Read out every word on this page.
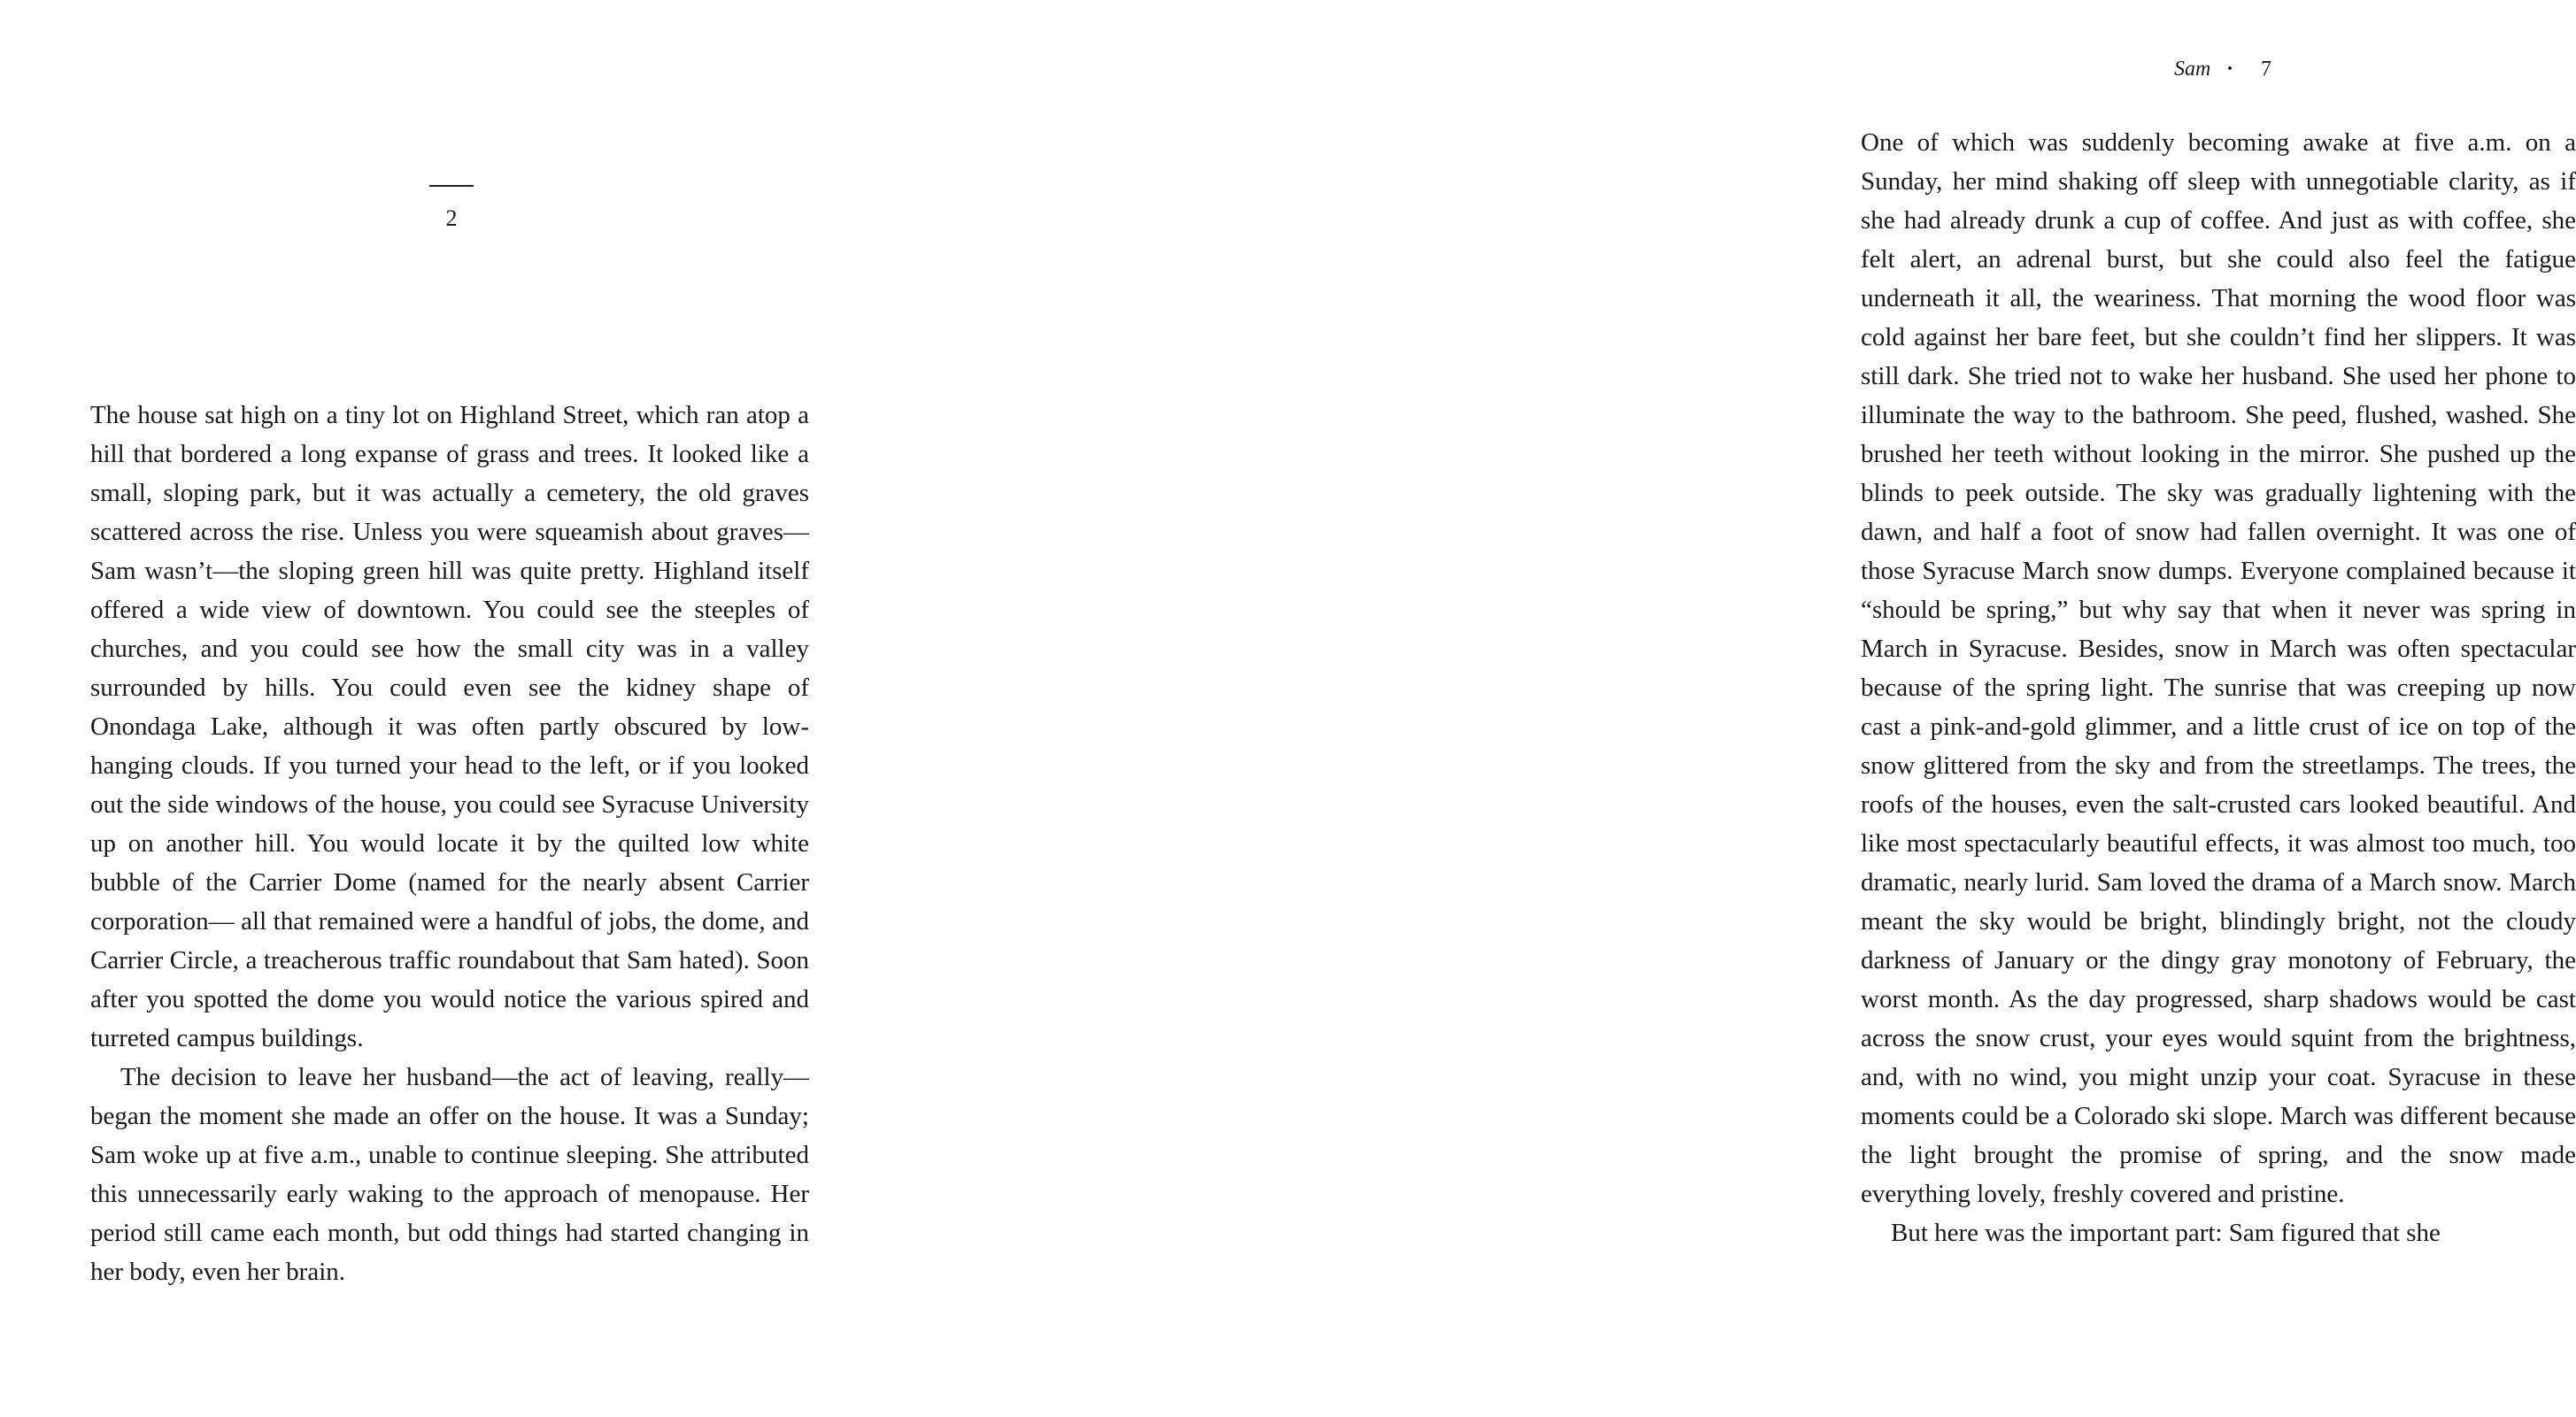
2

The house sat high on a tiny lot on Highland Street, which ran atop a hill that bordered a long expanse of grass and trees. It looked like a small, sloping park, but it was actually a cemetery, the old graves scattered across the rise. Unless you were squeamish about graves—Sam wasn’t—the sloping green hill was quite pretty. Highland itself offered a wide view of downtown. You could see the steeples of churches, and you could see how the small city was in a valley surrounded by hills. You could even see the kidney shape of Onondaga Lake, although it was often partly obscured by low-hanging clouds. If you turned your head to the left, or if you looked out the side windows of the house, you could see Syracuse University up on another hill. You would locate it by the quilted low white bubble of the Carrier Dome (named for the nearly absent Carrier corporation— all that remained were a handful of jobs, the dome, and Carrier Circle, a treacherous traffic roundabout that Sam hated). Soon after you spotted the dome you would notice the various spired and turreted campus buildings.

The decision to leave her husband—the act of leaving, really—began the moment she made an offer on the house. It was a Sunday; Sam woke up at five a.m., unable to continue sleeping. She attributed this unnecessarily early waking to the approach of menopause. Her period still came each month, but odd things had started changing in her body, even her brain.

Sam · 7

One of which was suddenly becoming awake at five a.m. on a Sunday, her mind shaking off sleep with unnegotiable clarity, as if she had already drunk a cup of coffee. And just as with coffee, she felt alert, an adrenal burst, but she could also feel the fatigue underneath it all, the weariness. That morning the wood floor was cold against her bare feet, but she couldn’t find her slippers. It was still dark. She tried not to wake her husband. She used her phone to illuminate the way to the bathroom. She peed, flushed, washed. She brushed her teeth without looking in the mirror. She pushed up the blinds to peek outside. The sky was gradually lightening with the dawn, and half a foot of snow had fallen overnight. It was one of those Syracuse March snow dumps. Everyone complained because it “should be spring,” but why say that when it never was spring in March in Syracuse. Besides, snow in March was often spectacular because of the spring light. The sunrise that was creeping up now cast a pink-and-gold glimmer, and a little crust of ice on top of the snow glittered from the sky and from the streetlamps. The trees, the roofs of the houses, even the salt-crusted cars looked beautiful. And like most spectacularly beautiful effects, it was almost too much, too dramatic, nearly lurid. Sam loved the drama of a March snow. March meant the sky would be bright, blindingly bright, not the cloudy darkness of January or the dingy gray monotony of February, the worst month. As the day progressed, sharp shadows would be cast across the snow crust, your eyes would squint from the brightness, and, with no wind, you might unzip your coat. Syracuse in these moments could be a Colorado ski slope. March was different because the light brought the promise of spring, and the snow made everything lovely, freshly covered and pristine.

But here was the important part: Sam figured that she
